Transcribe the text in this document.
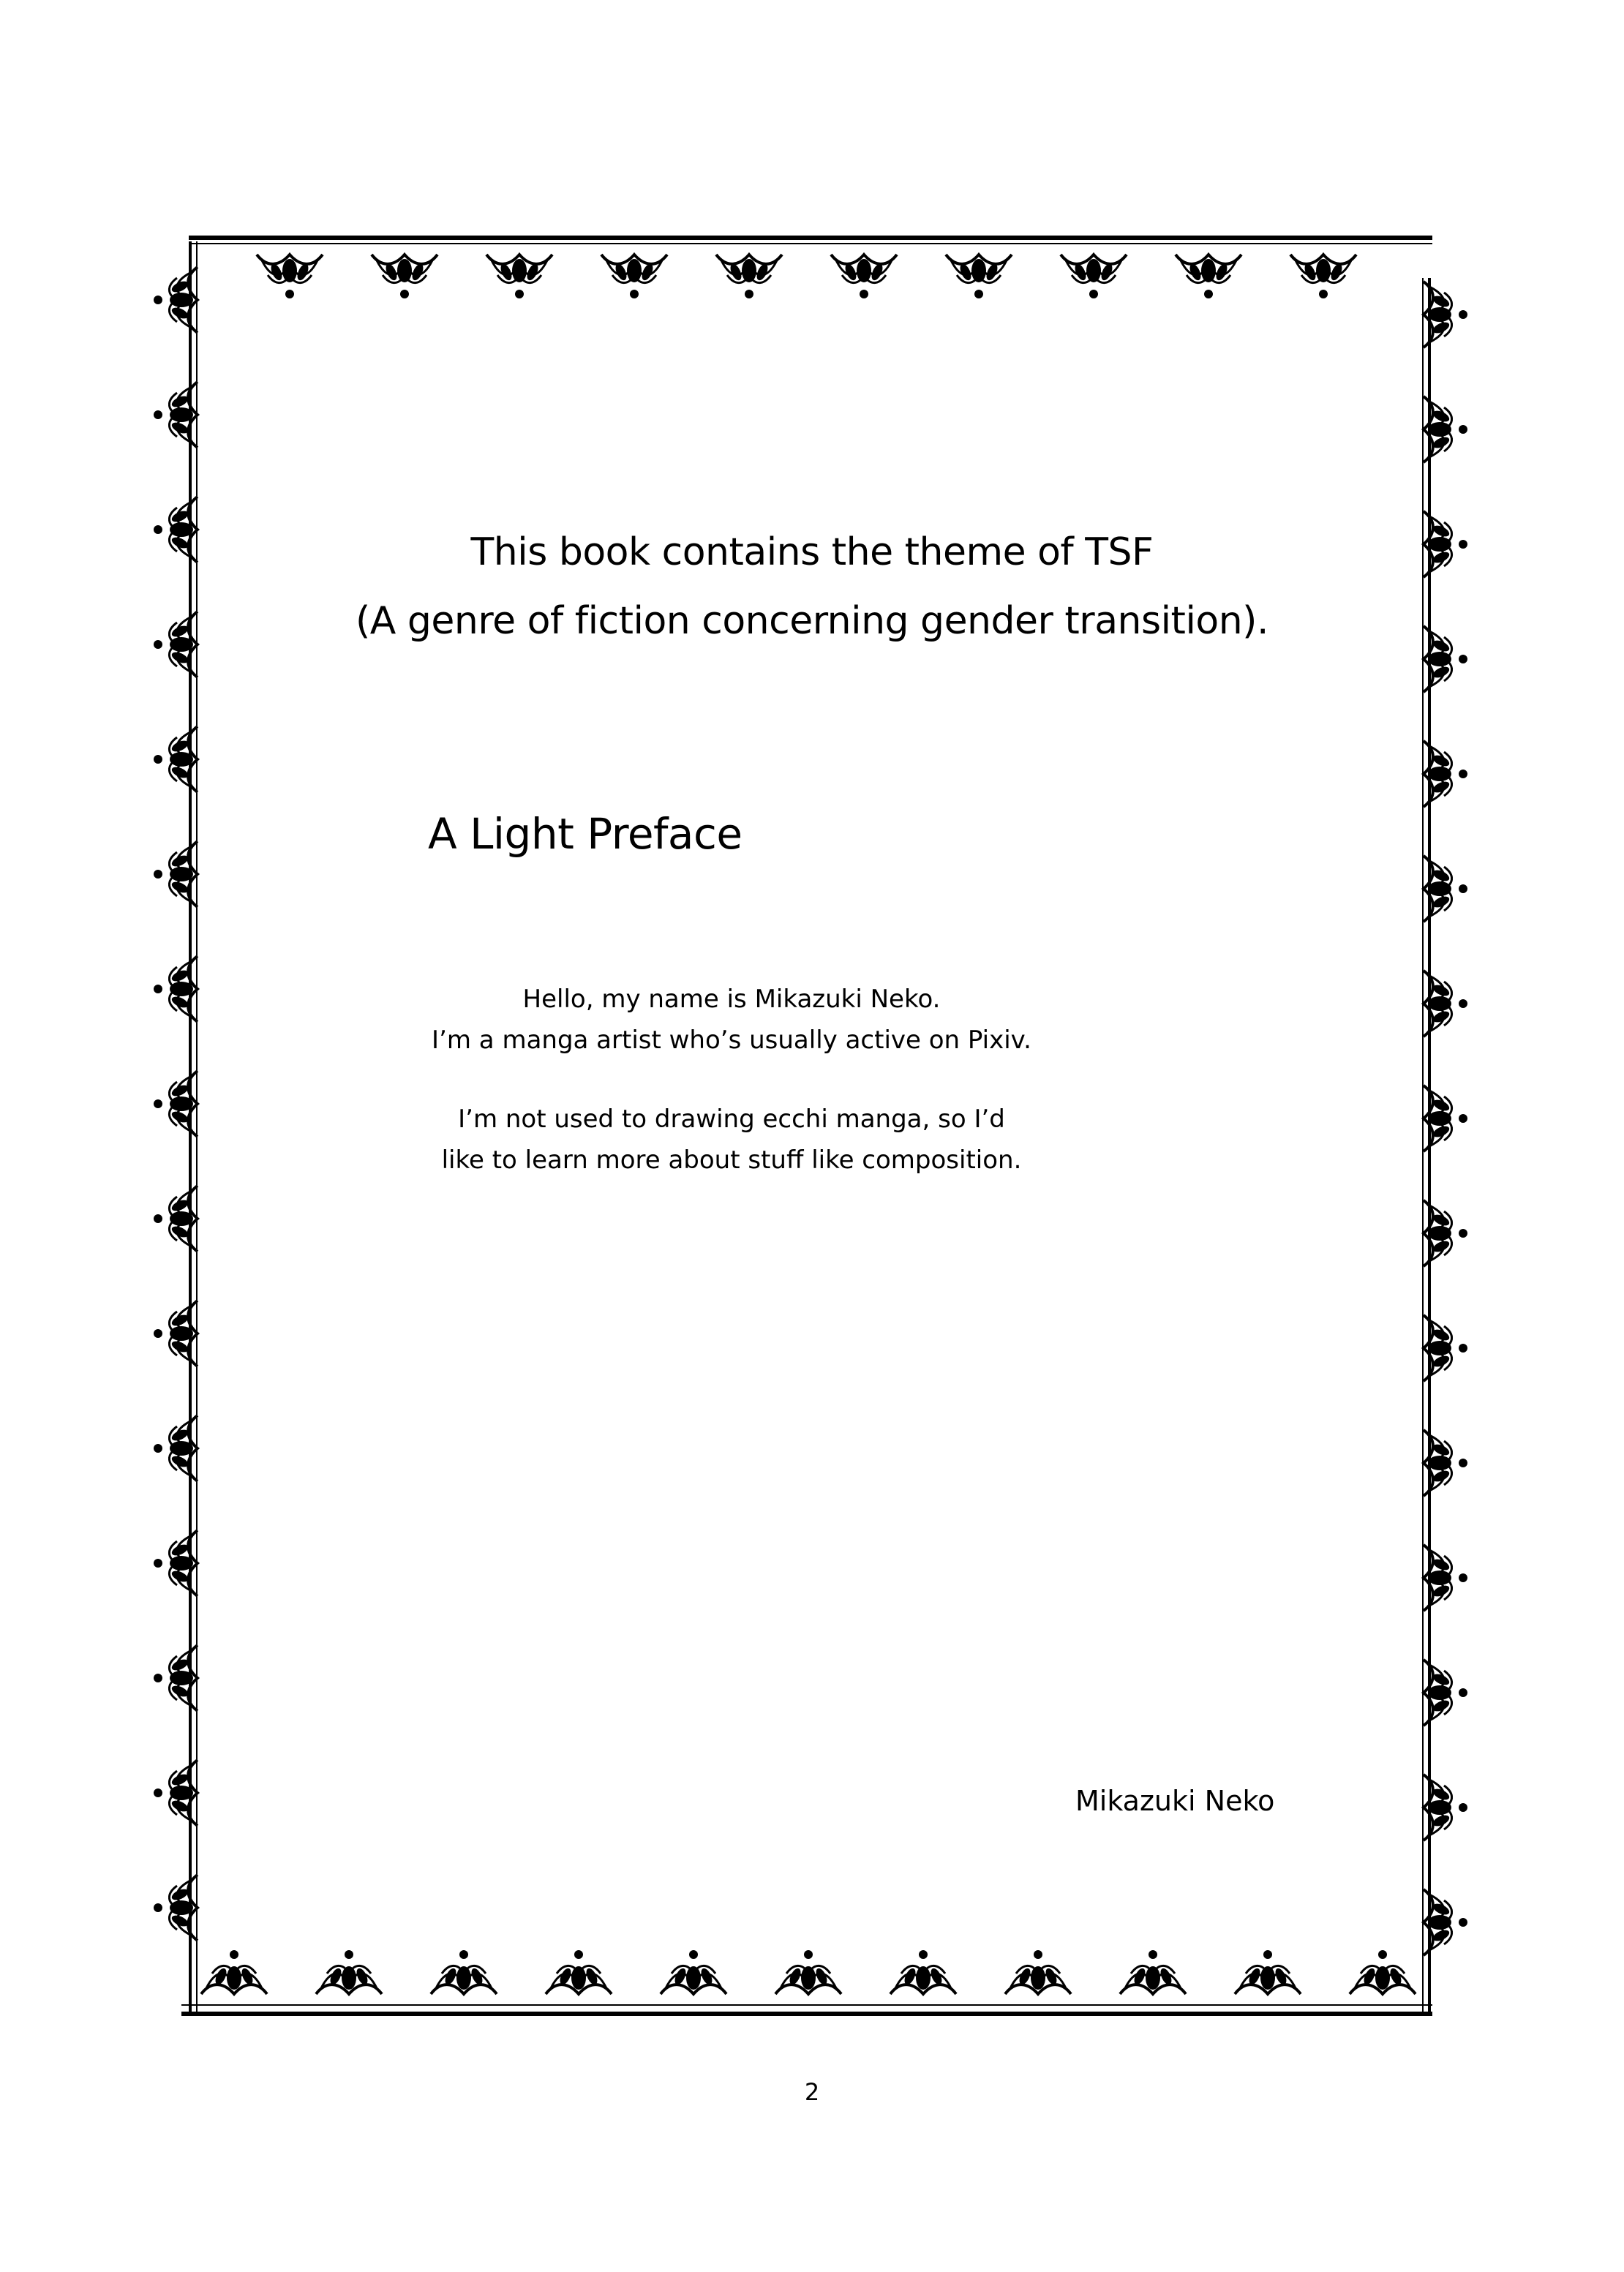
This book contains the theme of TSF
(A genre of fiction concerning gender transition).
A Light Preface
Hello, my name is Mikazuki Neko.
I’m a manga artist who’s usually active on Pixiv.
I’m not used to drawing ecchi manga, so I’d
like to learn more about stuff like composition.
Mikazuki Neko
2
